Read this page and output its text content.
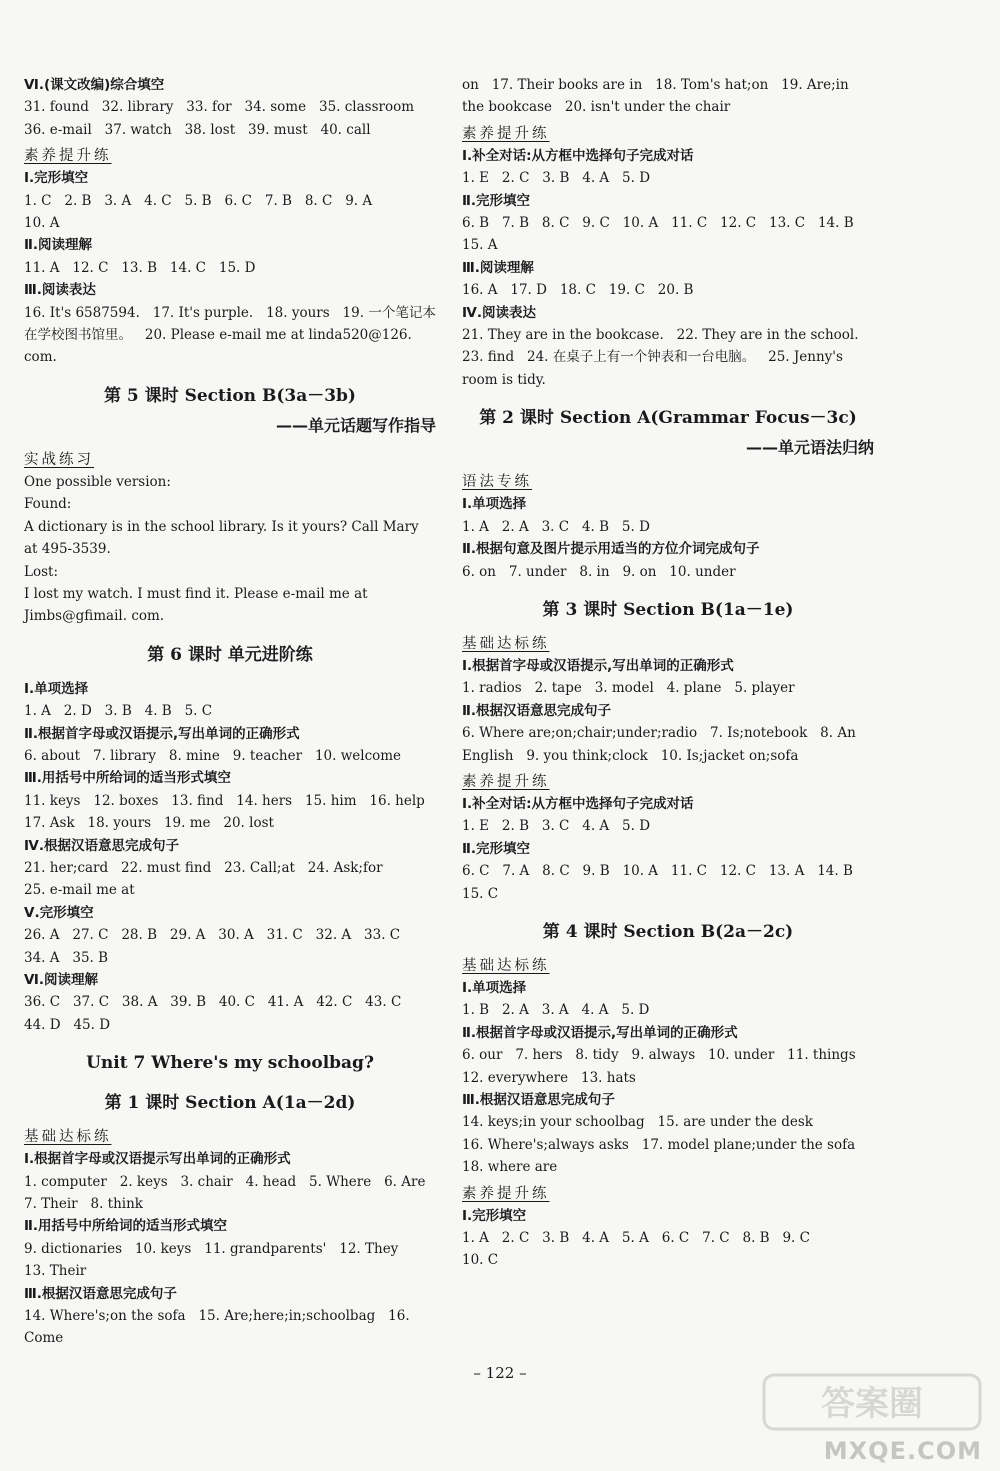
Ⅵ.(课文改编)综合填空
31. found   32. library   33. for   34. some   35. classroom
36. e-mail   37. watch   38. lost   39. must   40. call
素养提升练
Ⅰ.完形填空
1. C   2. B   3. A   4. C   5. B   6. C   7. B   8. C   9. A
10. A
Ⅱ.阅读理解
11. A   12. C   13. B   14. C   15. D
Ⅲ.阅读表达
16. It's 6587594.   17. It's purple.   18. yours   19. 一个笔记本在学校图书馆里。   20. Please e-mail me at linda520@126. com.
第 5 课时 Section B(3a－3b)
——单元话题写作指导
实战练习
One possible version:
Found:
A dictionary is in the school library. Is it yours? Call Mary at 495-3539.
Lost:
I lost my watch. I must find it. Please e-mail me at Jimbs@gfimail. com.
第 6 课时 单元进阶练
Ⅰ.单项选择
1. A   2. D   3. B   4. B   5. C
Ⅱ.根据首字母或汉语提示,写出单词的正确形式
6. about   7. library   8. mine   9. teacher   10. welcome
Ⅲ.用括号中所给词的适当形式填空
11. keys   12. boxes   13. find   14. hers   15. him   16. help
17. Ask   18. yours   19. me   20. lost
Ⅳ.根据汉语意思完成句子
21. her;card   22. must find   23. Call;at   24. Ask;for
25. e-mail me at
Ⅴ.完形填空
26. A   27. C   28. B   29. A   30. A   31. C   32. A   33. C
34. A   35. B
Ⅵ.阅读理解
36. C   37. C   38. A   39. B   40. C   41. A   42. C   43. C
44. D   45. D
Unit 7 Where's my schoolbag?
第 1 课时 Section A(1a－2d)
基础达标练
Ⅰ.根据首字母或汉语提示写出单词的正确形式
1. computer   2. keys   3. chair   4. head   5. Where   6. Are
7. Their   8. think
Ⅱ.用括号中所给词的适当形式填空
9. dictionaries   10. keys   11. grandparents'   12. They
13. Their
Ⅲ.根据汉语意思完成句子
14. Where's;on the sofa   15. Are;here;in;schoolbag   16. Come
on   17. Their books are in   18. Tom's hat;on   19. Are;in the bookcase   20. isn't under the chair
素养提升练
Ⅰ.补全对话:从方框中选择句子完成对话
1. E   2. C   3. B   4. A   5. D
Ⅱ.完形填空
6. B   7. B   8. C   9. C   10. A   11. C   12. C   13. C   14. B
15. A
Ⅲ.阅读理解
16. A   17. D   18. C   19. C   20. B
Ⅳ.阅读表达
21. They are in the bookcase.   22. They are in the school.
23. find   24. 在桌子上有一个钟表和一台电脑。   25. Jenny's room is tidy.
第 2 课时 Section A(Grammar Focus－3c)
——单元语法归纳
语法专练
Ⅰ.单项选择
1. A   2. A   3. C   4. B   5. D
Ⅱ.根据句意及图片提示用适当的方位介词完成句子
6. on   7. under   8. in   9. on   10. under
第 3 课时 Section B(1a－1e)
基础达标练
Ⅰ.根据首字母或汉语提示,写出单词的正确形式
1. radios   2. tape   3. model   4. plane   5. player
Ⅱ.根据汉语意思完成句子
6. Where are;on;chair;under;radio   7. Is;notebook   8. An English   9. you think;clock   10. Is;jacket on;sofa
素养提升练
Ⅰ.补全对话:从方框中选择句子完成对话
1. E   2. B   3. C   4. A   5. D
Ⅱ.完形填空
6. C   7. A   8. C   9. B   10. A   11. C   12. C   13. A   14. B
15. C
第 4 课时 Section B(2a－2c)
基础达标练
Ⅰ.单项选择
1. B   2. A   3. A   4. A   5. D
Ⅱ.根据首字母或汉语提示,写出单词的正确形式
6. our   7. hers   8. tidy   9. always   10. under   11. things
12. everywhere   13. hats
Ⅲ.根据汉语意思完成句子
14. keys;in your schoolbag   15. are under the desk
16. Where's;always asks   17. model plane;under the sofa
18. where are
素养提升练
Ⅰ.完形填空
1. A   2. C   3. B   4. A   5. A   6. C   7. C   8. B   9. C
10. C
– 122 –
答案圈
MXQE.COM
